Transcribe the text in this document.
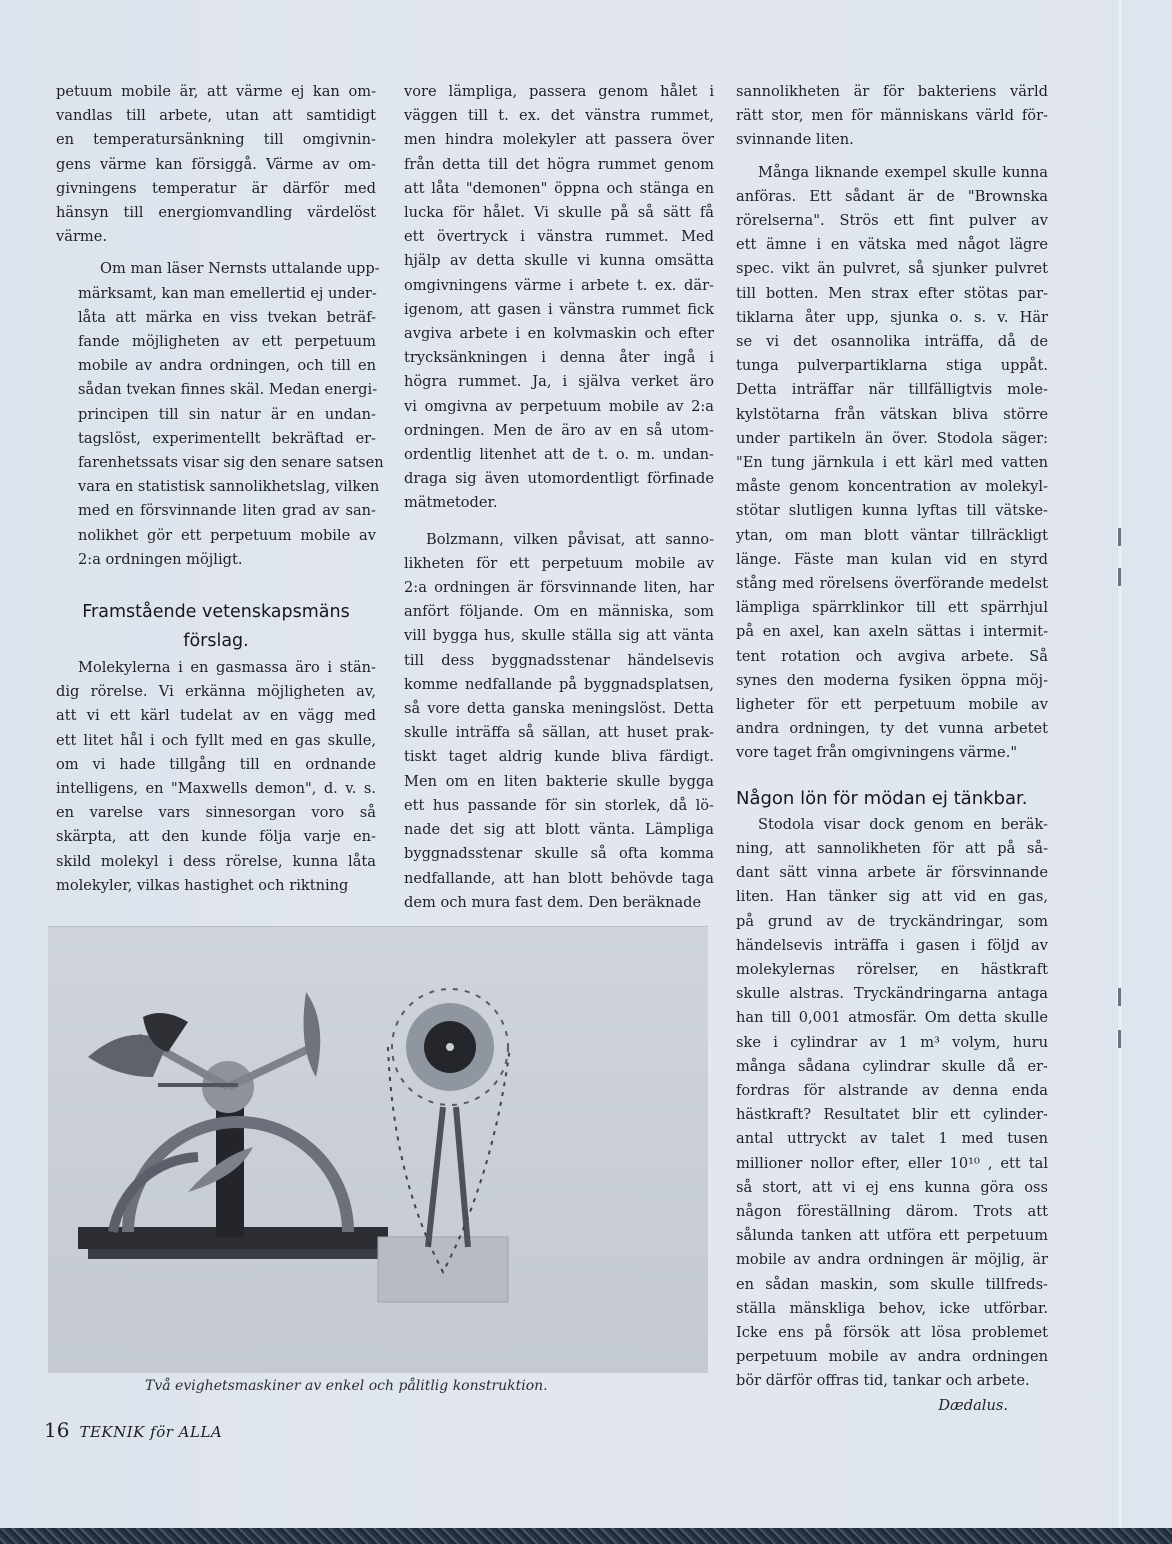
petuum mobile är, att värme ej kan om-
vandlas till arbete, utan att samtidigt
en temperatursänkning till omgivnin-
gens värme kan försiggå. Värme av om-
givningens temperatur är därför med
hänsyn till energiomvandling värdelöst
värme.

Om man läser Nernsts uttalande upp-
märksamt, kan man emellertid ej under-
låta att märka en viss tvekan beträf-
fande möjligheten av ett perpetuum
mobile av andra ordningen, och till en
sådan tvekan finnes skäl. Medan energi-
principen till sin natur är en undan-
tagslöst, experimentellt bekräftad er-
farenhetssats visar sig den senare satsen
vara en statistisk sannolikhetslag, vilken
med en försvinnande liten grad av san-
nolikhet gör ett perpetuum mobile av
2:a ordningen möjligt.

Framstående vetenskapsmäns
förslag.

Molekylerna i en gasmassa äro i stän-
dig rörelse. Vi erkänna möjligheten av,
att vi ett kärl tudelat av en vägg med
ett litet hål i och fyllt med en gas skulle,
om vi hade tillgång till en ordnande
intelligens, en "Maxwells demon", d. v. s.
en varelse vars sinnesorgan voro så
skärpta, att den kunde följa varje en-
skild molekyl i dess rörelse, kunna låta
molekyler, vilkas hastighet och riktning

vore lämpliga, passera genom hålet i
väggen till t. ex. det vänstra rummet,
men hindra molekyler att passera över
från detta till det högra rummet genom
att låta "demonen" öppna och stänga en
lucka för hålet. Vi skulle på så sätt få
ett övertryck i vänstra rummet. Med
hjälp av detta skulle vi kunna omsätta
omgivningens värme i arbete t. ex. där-
igenom, att gasen i vänstra rummet fick
avgiva arbete i en kolvmaskin och efter
trycksänkningen i denna åter ingå i
högra rummet. Ja, i själva verket äro
vi omgivna av perpetuum mobile av 2:a
ordningen. Men de äro av en så utom-
ordentlig litenhet att de t. o. m. undan-
draga sig även utomordentligt förfinade
mätmetoder.

Bolzmann, vilken påvisat, att sanno-
likheten för ett perpetuum mobile av
2:a ordningen är försvinnande liten, har
anfört följande. Om en människa, som
vill bygga hus, skulle ställa sig att vänta
till dess byggnadsstenar händelsevis
komme nedfallande på byggnadsplatsen,
så vore detta ganska meningslöst. Detta
skulle inträffa så sällan, att huset prak-
tiskt taget aldrig kunde bliva färdigt.
Men om en liten bakterie skulle bygga
ett hus passande för sin storlek, då lö-
nade det sig att blott vänta. Lämpliga
byggnadsstenar skulle så ofta komma
nedfallande, att han blott behövde taga
dem och mura fast dem. Den beräknade

sannolikheten är för bakteriens värld
rätt stor, men för människans värld för-
svinnande liten.

Många liknande exempel skulle kunna
anföras. Ett sådant är de "Brownska
rörelserna". Strös ett fint pulver av
ett ämne i en vätska med något lägre
spec. vikt än pulvret, så sjunker pulvret
till botten. Men strax efter stötas par-
tiklarna åter upp, sjunka o. s. v. Här
se vi det osannolika inträffa, då de
tunga pulverpartiklarna stiga uppåt.
Detta inträffar när tillfälligtvis mole-
kylstötarna från vätskan bliva större
under partikeln än över. Stodola säger:
"En tung järnkula i ett kärl med vatten
måste genom koncentration av molekyl-
stötar slutligen kunna lyftas till vätske-
ytan, om man blott väntar tillräckligt
länge. Fäste man kulan vid en styrd
stång med rörelsens överförande medelst
lämpliga spärrklinkor till ett spärrhjul
på en axel, kan axeln sättas i intermit-
tent rotation och avgiva arbete. Så
synes den moderna fysiken öppna möj-
ligheter för ett perpetuum mobile av
andra ordningen, ty det vunna arbetet
vore taget från omgivningens värme."

Någon lön för mödan ej tänkbar.

Stodola visar dock genom en beräk-
ning, att sannolikheten för att på så-
dant sätt vinna arbete är försvinnande
liten. Han tänker sig att vid en gas,
på grund av de tryckändringar, som
händelsevis inträffa i gasen i följd av
molekylernas rörelser, en hästkraft
skulle alstras. Tryckändringarna antaga
han till 0,001 atmosfär. Om detta skulle
ske i cylindrar av 1 m³ volym, huru
många sådana cylindrar skulle då er-
fordras för alstrande av denna enda
hästkraft? Resultatet blir ett cylinder-
antal uttryckt av talet 1 med tusen
millioner nollor efter, eller 10¹⁰ , ett tal
så stort, att vi ej ens kunna göra oss
någon föreställning därom. Trots att
sålunda tanken att utföra ett perpetuum
mobile av andra ordningen är möjlig, är
en sådan maskin, som skulle tillfreds-
ställa mänskliga behov, icke utförbar.
Icke ens på försök att lösa problemet
perpetuum mobile av andra ordningen
bör därför offras tid, tankar och arbete.

Dædalus.
Två evighetsmaskiner av enkel och pålitlig konstruktion.
16 TEKNIK för ALLA
